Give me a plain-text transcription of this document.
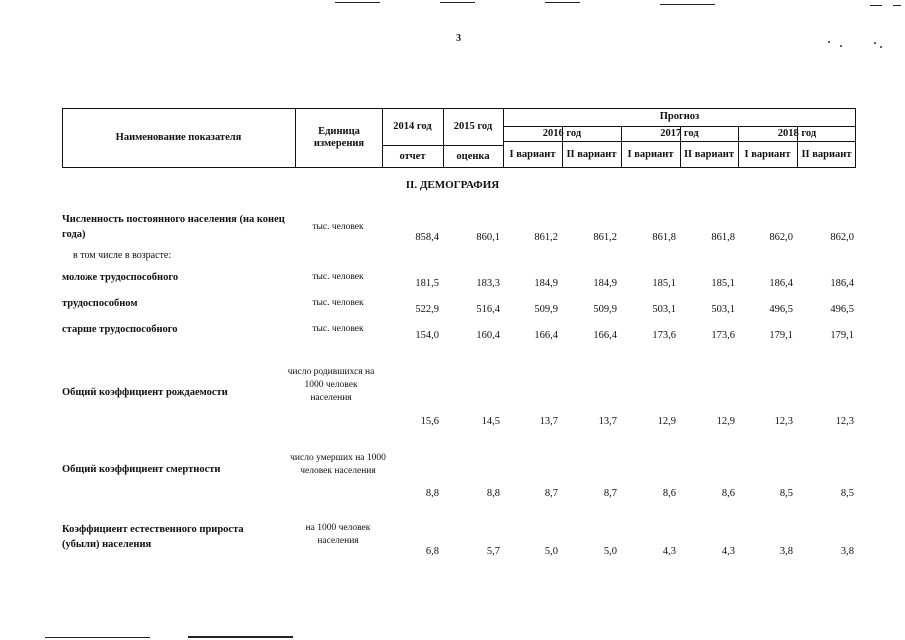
3
Наименование показателя
Единица измерения
2014 год	2015 год
отчет	оценка
Прогноз
2016 год	2017 год	2018 год
I вариант	II вариант	I вариант II вариант I вариант	II вариант
II. ДЕМОГРАФИЯ
Численность постоянного населения (на конец года)
тыс. человек
858,4	860,1	861,2	861,2	861,8	861,8	862,0	862,0
в том числе в возрасте:
моложе трудоспособного	тыс. человек
181,5	183,3	184,9	184,9	185,1	185,1	186,4	186,4
трудоспособном	тыс. человек
522,9	516,4	509,9	509,9	503,1	503,1	496,5	496,5
старше трудоспособного	тыс. человек
154,0	160,4	166,4	166,4	173,6	173,6	179,1	179,1
Общий коэффициент рождаемости
число родившихся на 1000 человек населения
15,6	14,5	13,7	13,7	12,9	12,9	12,3	12,3
Общий коэффициент смертности
число умерших на 1000 человек населения
8,8	8,8	8,7	8,7	8,6	8,6	8,5	8,5
Коэффициент естественного прироста (убыли) населения
на 1000 человек населения
6,8	5,7	5,0	5,0	4,3	4,3	3,8	3,8
